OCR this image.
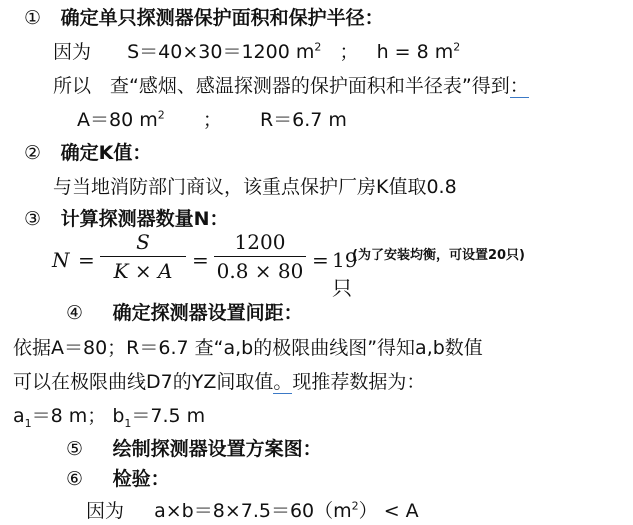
① 确定单只探测器保护面积和保护半径：
因为 S＝40×30＝1200 $m^2$ ； h = 8 $m^2$
所以　查“感烟、感温探测器的保护面积和半径表”得到：
A＝80 $m^2$ ； R＝6.7 m
② 确定K值：
与当地消防部门商议，该重点保护厂房K值取0.8
③ 计算探测器数量N：
N =
S
K × A =
1200
0.8 × 80 = 19只
(为了安装均衡，可设置20只)
④ 确定探测器设置间距：
依据A＝80；R＝6.7 查“a,b的极限曲线图”得知a,b数值
可以在极限曲线D7的YZ间取值。现推荐数据为：
$a_1=8$ m； $b_1=7.5$ m
⑤ 绘制探测器设置方案图：
⑥ 检验：
因为 $a\times b=8\times 7.5=60(m^2) < A$
